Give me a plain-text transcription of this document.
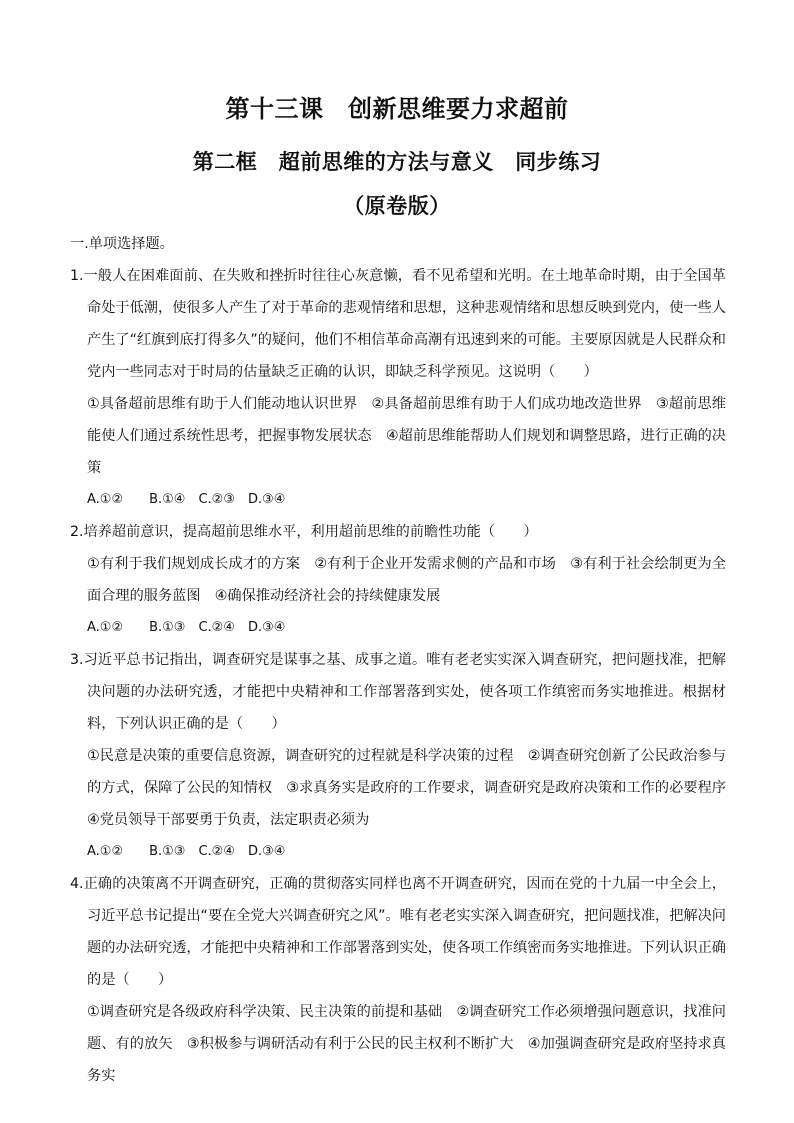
第十三课　创新思维要力求超前
第二框　超前思维的方法与意义　同步练习
（原卷版）
一.单项选择题。

1.一般人在困难面前、在失败和挫折时往往心灰意懒，看不见希望和光明。在土地革命时期，由于全国革命处于低潮，使很多人产生了对于革命的悲观情绪和思想，这种悲观情绪和思想反映到党内，使一些人产生了“红旗到底打得多久”的疑问，他们不相信革命高潮有迅速到来的可能。主要原因就是人民群众和党内一些同志对于时局的估量缺乏正确的认识，即缺乏科学预见。这说明（　　）

①具备超前思维有助于人们能动地认识世界　②具备超前思维有助于人们成功地改造世界　③超前思维能使人们通过系统性思考，把握事物发展状态　④超前思维能帮助人们规划和调整思路，进行正确的决策

A.①②　　B.①④　C.②③　D.③④

2.培养超前意识，提高超前思维水平，利用超前思维的前瞻性功能（　　）

①有利于我们规划成长成才的方案　②有利于企业开发需求侧的产品和市场　③有利于社会绘制更为全面合理的服务蓝图　④确保推动经济社会的持续健康发展

A.①②　　B.①③　C.②④　D.③④

3.习近平总书记指出，调查研究是谋事之基、成事之道。唯有老老实实深入调查研究，把问题找准，把解决问题的办法研究透，才能把中央精神和工作部署落到实处，使各项工作缜密而务实地推进。根据材料，下列认识正确的是（　　）

①民意是决策的重要信息资源，调查研究的过程就是科学决策的过程　②调查研究创新了公民政治参与的方式，保障了公民的知情权　③求真务实是政府的工作要求，调查研究是政府决策和工作的必要程序　④党员领导干部要勇于负责，法定职责必须为

A.①②　　B.①③　C.②④　D.③④

4.正确的决策离不开调查研究，正确的贯彻落实同样也离不开调查研究，因而在党的十九届一中全会上，习近平总书记提出“要在全党大兴调查研究之风”。唯有老老实实深入调查研究，把问题找准，把解决问题的办法研究透，才能把中央精神和工作部署落到实处，使各项工作缜密而务实地推进。下列认识正确的是（　　）

①调查研究是各级政府科学决策、民主决策的前提和基础　②调查研究工作必须增强问题意识，找准问题、有的放矢　③积极参与调研活动有利于公民的民主权利不断扩大　④加强调查研究是政府坚持求真务实
